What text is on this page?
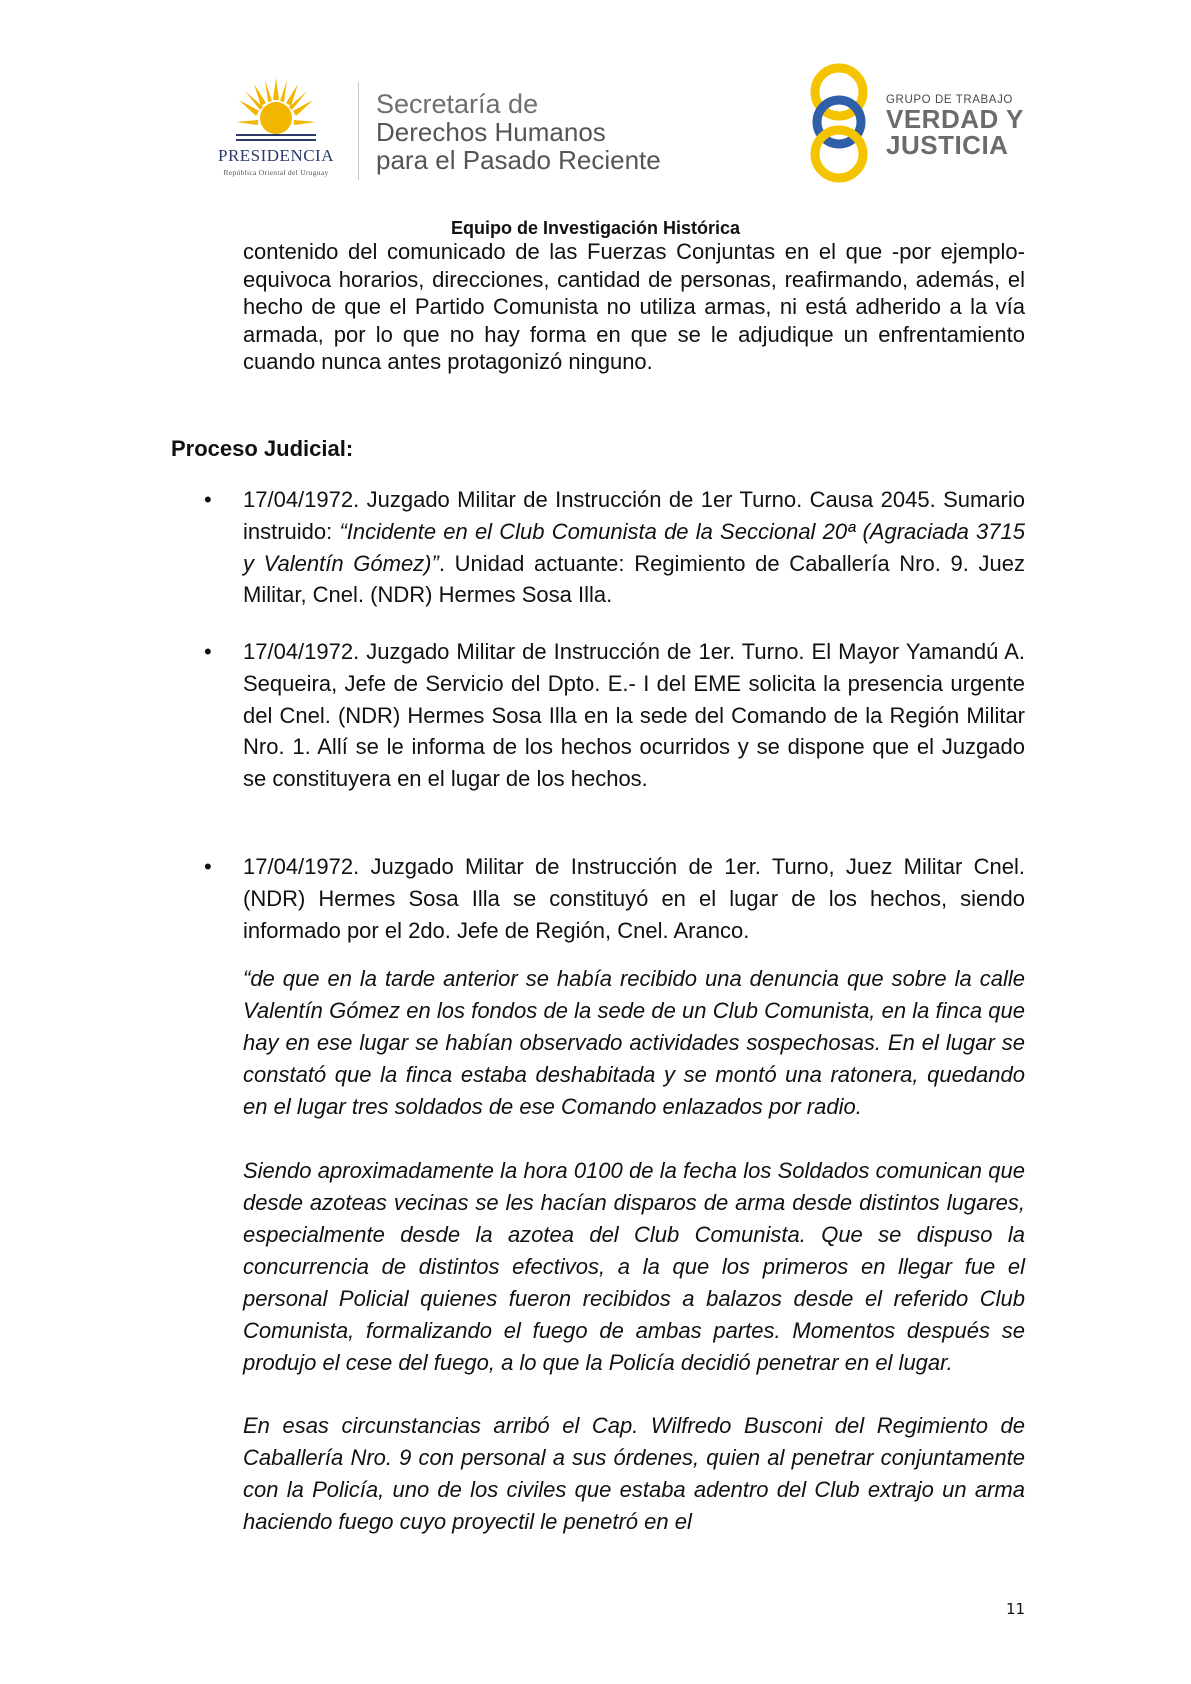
PRESIDENCIA
República Oriental del Uruguay
Secretaría de
Derechos Humanos
para el Pasado Reciente
GRUPO DE TRABAJO
VERDAD Y
JUSTICIA
Equipo de Investigación Histórica
contenido del comunicado de las Fuerzas Conjuntas en el que -por ejemplo- equivoca horarios, direcciones, cantidad de personas, reafirmando, además, el hecho de que el Partido Comunista no utiliza armas, ni está adherido a la vía armada, por lo que no hay forma en que se le adjudique un enfrentamiento cuando nunca antes protagonizó ninguno.
Proceso Judicial:
• 17/04/1972. Juzgado Militar de Instrucción de 1er Turno. Causa 2045. Sumario instruido: “Incidente en el Club Comunista de la Seccional 20ª (Agraciada 3715 y Valentín Gómez)”. Unidad actuante: Regimiento de Caballería Nro. 9. Juez Militar, Cnel. (NDR) Hermes Sosa Illa.
• 17/04/1972. Juzgado Militar de Instrucción de 1er. Turno. El Mayor Yamandú A. Sequeira, Jefe de Servicio del Dpto. E.- I del EME solicita la presencia urgente del Cnel. (NDR) Hermes Sosa Illa en la sede del Comando de la Región Militar Nro. 1. Allí se le informa de los hechos ocurridos y se dispone que el Juzgado se constituyera en el lugar de los hechos.
• 17/04/1972. Juzgado Militar de Instrucción de 1er. Turno, Juez Militar Cnel. (NDR) Hermes Sosa Illa se constituyó en el lugar de los hechos, siendo informado por el 2do. Jefe de Región, Cnel. Aranco.
“de que en la tarde anterior se había recibido una denuncia que sobre la calle Valentín Gómez en los fondos de la sede de un Club Comunista, en la finca que hay en ese lugar se habían observado actividades sospechosas. En el lugar se constató que la finca estaba deshabitada y se montó una ratonera, quedando en el lugar tres soldados de ese Comando enlazados por radio.
Siendo aproximadamente la hora 0100 de la fecha los Soldados comunican que desde azoteas vecinas se les hacían disparos de arma desde distintos lugares, especialmente desde la azotea del Club Comunista. Que se dispuso la concurrencia de distintos efectivos, a la que los primeros en llegar fue el personal Policial quienes fueron recibidos a balazos desde el referido Club Comunista, formalizando el fuego de ambas partes. Momentos después se produjo el cese del fuego, a lo que la Policía decidió penetrar en el lugar.
En esas circunstancias arribó el Cap. Wilfredo Busconi del Regimiento de Caballería Nro. 9 con personal a sus órdenes, quien al penetrar conjuntamente con la Policía, uno de los civiles que estaba adentro del Club extrajo un arma haciendo fuego cuyo proyectil le penetró en el
11
